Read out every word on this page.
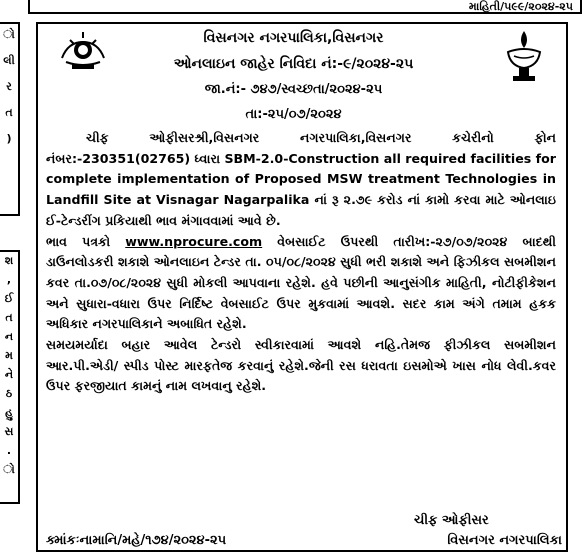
માહિતી/૫૯૯/૨૦૨૪-૨૫
ો
લી
ર
ત
)
શ
,
ઈ
ત
ન
મ
ને
ઠ
હુ
સ
.
ો
વિસનગર નગરપાલિકા,વિસનગર
ઓનલાઇન જાહેર નિવિદા નં:-૯/૨૦૨૪-૨૫
જા.નં:- ૭૪૭/સ્વચ્છતા/૨૦૨૪-૨૫
તા:-૨૫/૦૭/૨૦૨૪

ચીફ ઓફીસરશ્રી,વિસનગર નગરપાલિકા,વિસનગર કચેરીનો ફોન નંબર:-230351(02765) ધ્વારા SBM-2.0-Construction all required facilities for complete implementation of Proposed MSW treatment Technologies in Landfill Site at Visnagar Nagarpalika નાં રૂ ૨.૭૯ કરોડ નાં કામો કરવા માટે ઓનલાઇ ઈ-ટેન્ડરીંગ પ્રકિયાથી ભાવ મંગાવવામાં આવે છે.

ભાવ પત્રકો www.nprocure.com વેબસાઈટ ઉપરથી તારીખ:-૨૭/૦૭/૨૦૨૪ બાદથી ડાઉનલોડકરી શકાશે ઓનલાઇન ટેન્ડર તા. ૦૫/૦૮/૨૦૨૪ સુધી ભરી શકાશે અને ફિઝીકલ સબમીશન કવર તા.૦૭/૦૮/૨૦૨૪ સુધી મોકલી આપવાના રહેશે. હવે પછીની આનુસંગીક માહિતી, નોટીફીકેશન અને સુધારા-વધારા ઉપર નિર્દિષ્ટ વેબસાઈટ ઉપર મુકવામાં આવશે. સદર કામ અંગે તમામ હકક અધિકાર નગરપાલિકાને અબાધિત રહેશે.

સમયમર્યાદા બહાર આવેલ ટેન્ડરો સ્વીકારવામાં આવશે નહિ.તેમજ ફીઝીકલ સબમીશન આર.પી.એડી/ સ્પીડ પોસ્ટ મારફતેજ કરવાનું રહેશે.જેની રસ ધરાવતા ઇસમોએ ખાસ નોધ લેવી.કવર ઉપર ફરજીયાત કામનું નામ લખવાનુ રહેશે.

ચીફ ઓફીસર
ક્માંકઃનામાનિ/મહે/૧૭૪/૨૦૨૪-૨૫	વિસનગર નગરપાલિકા
